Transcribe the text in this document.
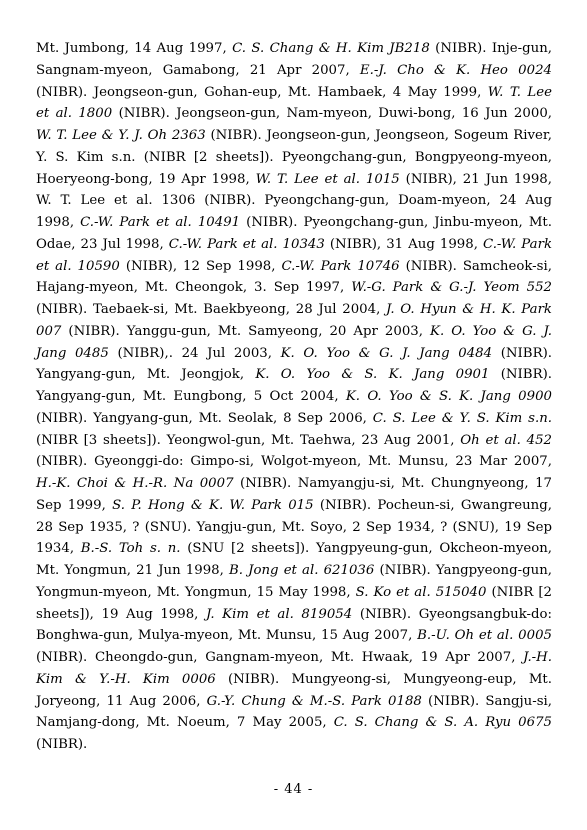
Mt. Jumbong, 14 Aug 1997, C. S. Chang & H. Kim JB218 (NIBR). Inje-gun, Sangnam-myeon, Gamabong, 21 Apr 2007, E.-J. Cho & K. Heo 0024 (NIBR). Jeongseon-gun, Gohan-eup, Mt. Hambaek, 4 May 1999, W. T. Lee et al. 1800 (NIBR). Jeongseon-gun, Nam-myeon, Duwi-bong, 16 Jun 2000, W. T. Lee & Y. J. Oh 2363 (NIBR). Jeongseon-gun, Jeongseon, Sogeum River, Y. S. Kim s.n. (NIBR [2 sheets]). Pyeongchang-gun, Bongpyeong-myeon, Hoeryeong-bong, 19 Apr 1998, W. T. Lee et al. 1015 (NIBR), 21 Jun 1998, W. T. Lee et al. 1306 (NIBR). Pyeongchang-gun, Doam-myeon, 24 Aug 1998, C.-W. Park et al. 10491 (NIBR). Pyeongchang-gun, Jinbu-myeon, Mt. Odae, 23 Jul 1998, C.-W. Park et al. 10343 (NIBR), 31 Aug 1998, C.-W. Park et al. 10590 (NIBR), 12 Sep 1998, C.-W. Park 10746 (NIBR). Samcheok-si, Hajang-myeon, Mt. Cheongok, 3. Sep 1997, W.-G. Park & G.-J. Yeom 552 (NIBR). Taebaek-si, Mt. Baekbyeong, 28 Jul 2004, J. O. Hyun & H. K. Park 007 (NIBR). Yanggu-gun, Mt. Samyeong, 20 Apr 2003, K. O. Yoo & G. J. Jang 0485 (NIBR),. 24 Jul 2003, K. O. Yoo & G. J. Jang 0484 (NIBR). Yangyang-gun, Mt. Jeongjok, K. O. Yoo & S. K. Jang 0901 (NIBR). Yangyang-gun, Mt. Eungbong, 5 Oct 2004, K. O. Yoo & S. K. Jang 0900 (NIBR). Yangyang-gun, Mt. Seolak, 8 Sep 2006, C. S. Lee & Y. S. Kim s.n. (NIBR [3 sheets]). Yeongwol-gun, Mt. Taehwa, 23 Aug 2001, Oh et al. 452 (NIBR). Gyeonggi-do: Gimpo-si, Wolgot-myeon, Mt. Munsu, 23 Mar 2007, H.-K. Choi & H.-R. Na 0007 (NIBR). Namyangju-si, Mt. Chungnyeong, 17 Sep 1999, S. P. Hong & K. W. Park 015 (NIBR). Pocheun-si, Gwangreung, 28 Sep 1935, ? (SNU). Yangju-gun, Mt. Soyo, 2 Sep 1934, ? (SNU), 19 Sep 1934, B.-S. Toh s. n. (SNU [2 sheets]). Yangpyeung-gun, Okcheon-myeon, Mt. Yongmun, 21 Jun 1998, B. Jong et al. 621036 (NIBR). Yangpyeong-gun, Yongmun-myeon, Mt. Yongmun, 15 May 1998, S. Ko et al. 515040 (NIBR [2 sheets]), 19 Aug 1998, J. Kim et al. 819054 (NIBR). Gyeongsangbuk-do: Bonghwa-gun, Mulya-myeon, Mt. Munsu, 15 Aug 2007, B.-U. Oh et al. 0005 (NIBR). Cheongdo-gun, Gangnam-myeon, Mt. Hwaak, 19 Apr 2007, J.-H. Kim & Y.-H. Kim 0006 (NIBR). Mungyeong-si, Mungyeong-eup, Mt. Joryeong, 11 Aug 2006, G.-Y. Chung & M.-S. Park 0188 (NIBR). Sangju-si, Namjang-dong, Mt. Noeum, 7 May 2005, C. S. Chang & S. A. Ryu 0675 (NIBR).
- 44 -
